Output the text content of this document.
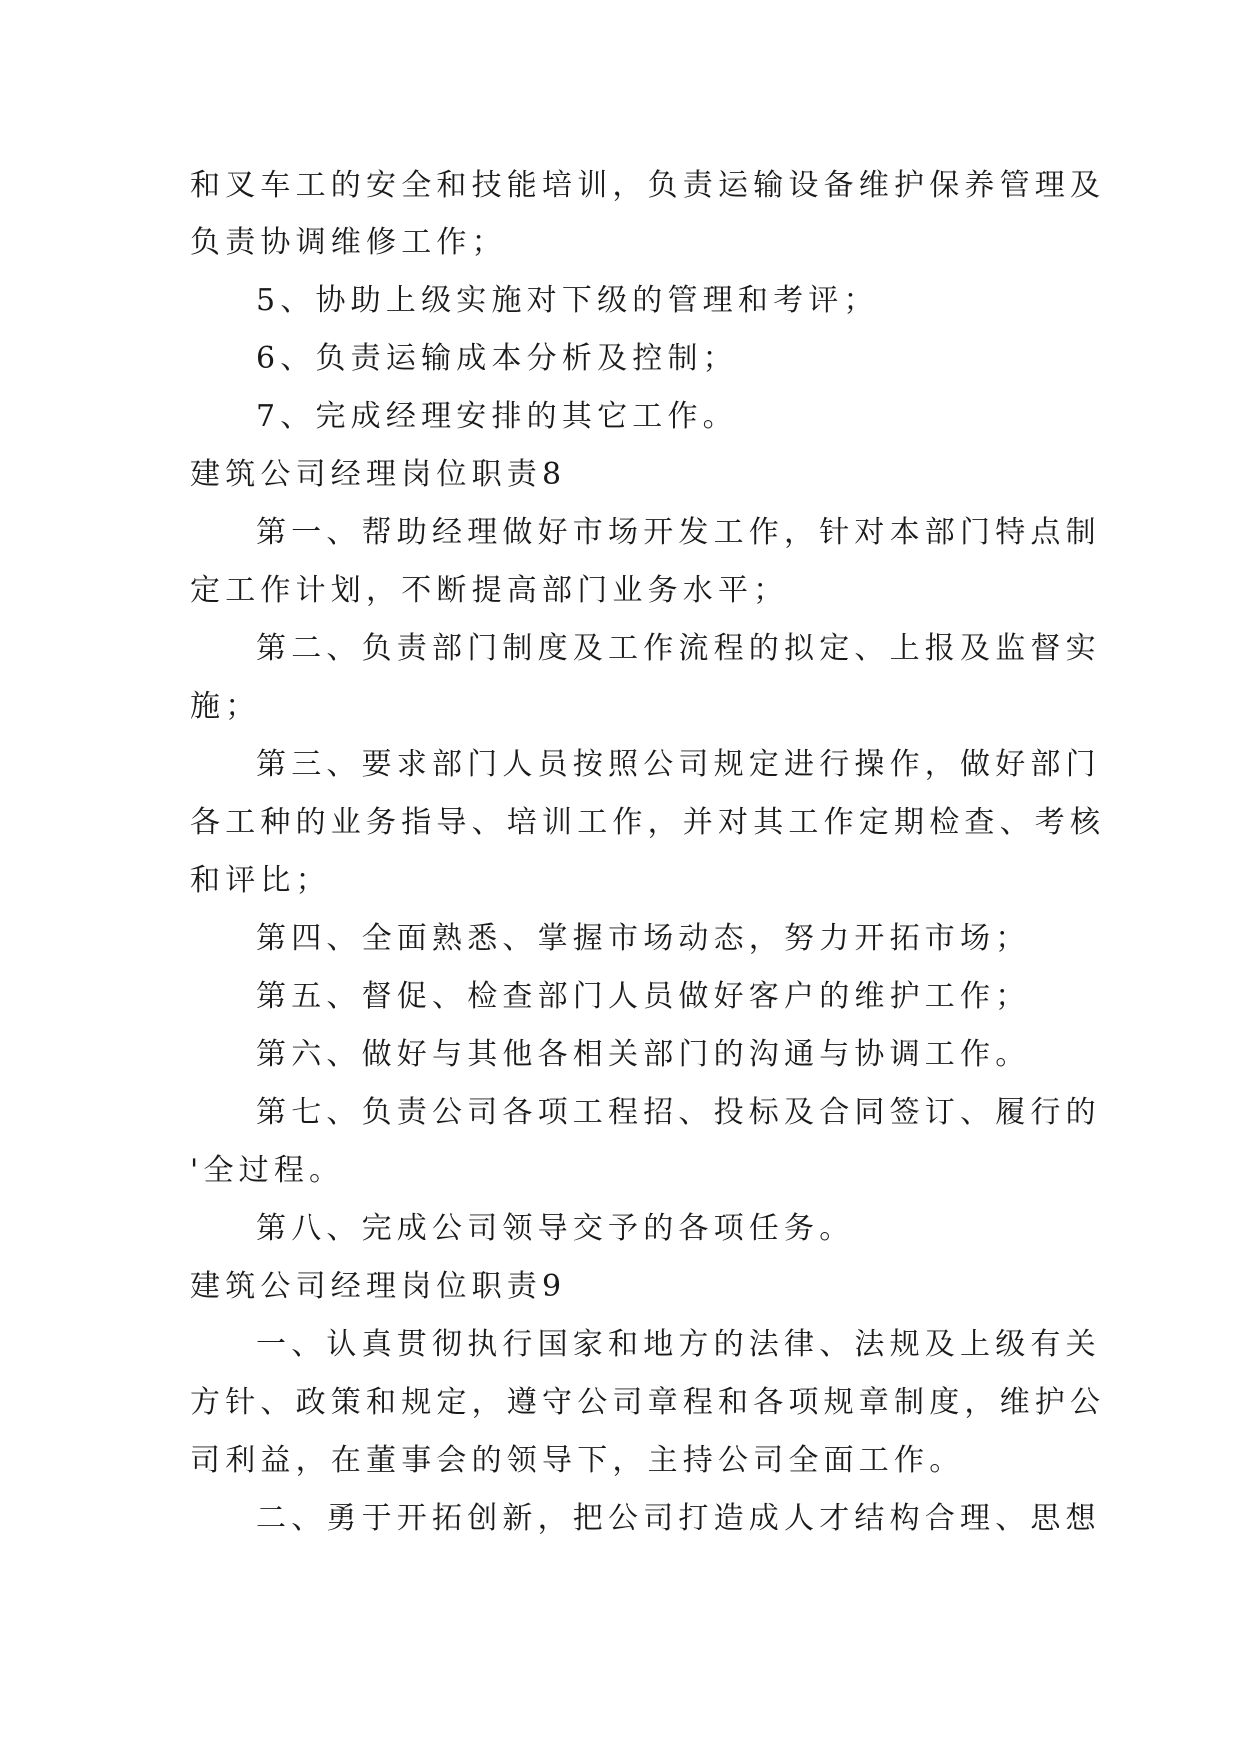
和叉车工的安全和技能培训，负责运输设备维护保养管理及

负责协调维修工作；

5、协助上级实施对下级的管理和考评；

6、负责运输成本分析及控制；

7、完成经理安排的其它工作。

建筑公司经理岗位职责8

第一、帮助经理做好市场开发工作，针对本部门特点制

定工作计划，不断提高部门业务水平；

第二、负责部门制度及工作流程的拟定、上报及监督实

施；

第三、要求部门人员按照公司规定进行操作，做好部门

各工种的业务指导、培训工作，并对其工作定期检查、考核

和评比；

第四、全面熟悉、掌握市场动态，努力开拓市场；

第五、督促、检查部门人员做好客户的维护工作；

第六、做好与其他各相关部门的沟通与协调工作。

第七、负责公司各项工程招、投标及合同签订、履行的

'全过程。

第八、完成公司领导交予的各项任务。

建筑公司经理岗位职责9

一、认真贯彻执行国家和地方的法律、法规及上级有关

方针、政策和规定，遵守公司章程和各项规章制度，维护公

司利益，在董事会的领导下，主持公司全面工作。

二、勇于开拓创新，把公司打造成人才结构合理、思想
